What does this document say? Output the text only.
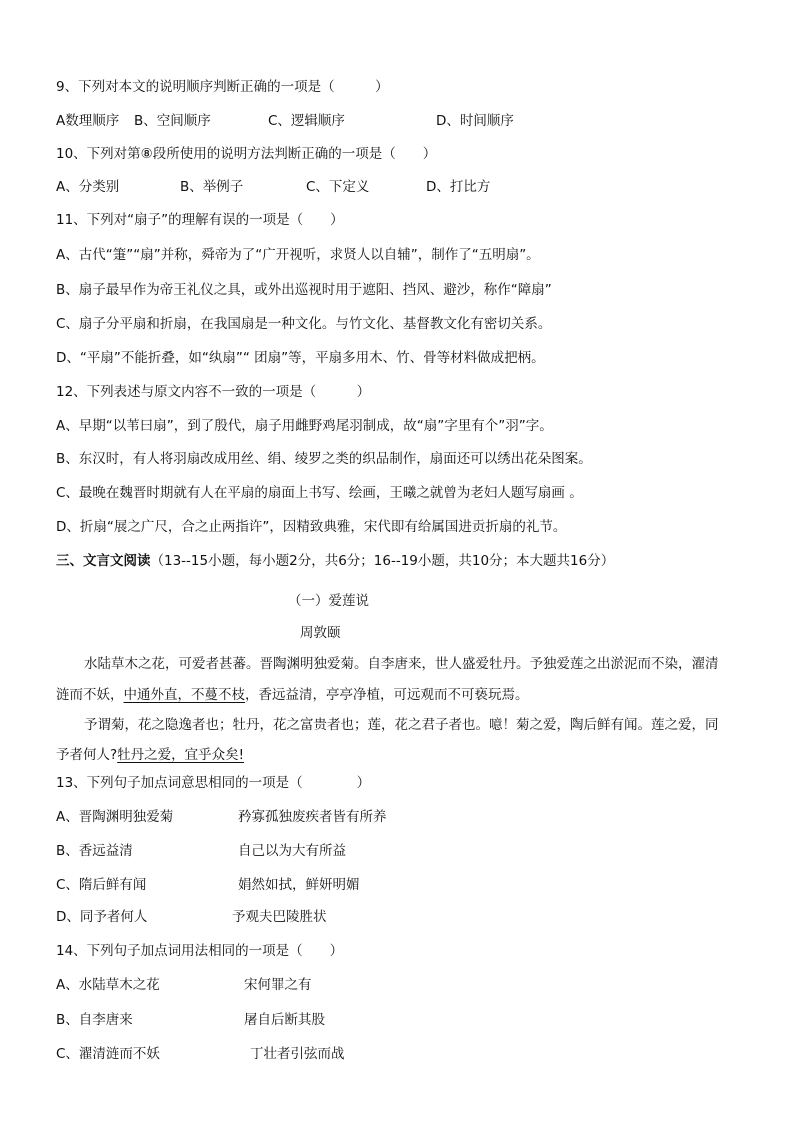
9、下列对本文的说明顺序判断正确的一项是（　　　）
A数理顺序 B、空间顺序	C、逻辑顺序	D、时间顺序
10、下列对第⑧段所使用的说明方法判断正确的一项是（　　）
A、分类别	B、举例子	C、下定义	D、打比方
11、下列对“扇子”的理解有误的一项是（　　）
A、古代“箑”“扇”并称，舜帝为了“广开视听，求贤人以自辅”，制作了“五明扇”。
B、扇子最早作为帝王礼仪之具，或外出巡视时用于遮阳、挡风、避沙，称作“障扇”
C、扇子分平扇和折扇，在我国扇是一种文化。与竹文化、基督教文化有密切关系。
D、“平扇”不能折叠，如“纨扇”“ 团扇”等，平扇多用木、竹、骨等材料做成把柄。
12、下列表述与原文内容不一致的一项是（　　　）
A、早期“以苇曰扇”，到了殷代，扇子用雌野鸡尾羽制成，故“扇”字里有个”羽”字。
B、东汉时，有人将羽扇改成用丝、绢、绫罗之类的织品制作，扇面还可以绣出花朵图案。
C、最晚在魏晋时期就有人在平扇的扇面上书写、绘画，王曦之就曾为老妇人题写扇画 。
D、折扇“展之广尺，合之止两指许”，因精致典雅，宋代即有给属国进贡折扇的礼节。
三、文言文阅读（13--15小题，每小题2分，共6分；16--19小题，共10分；本大题共16分）
（一）爱莲说
周敦颐
水陆草木之花，可爱者甚蕃。晋陶渊明独爱菊。自李唐来，世人盛爱牡丹。予独爱莲之出淤泥而不染，濯清
涟而不妖，中通外直，不蔓不枝，香远益清，亭亭净植，可远观而不可亵玩焉。
予谓菊，花之隐逸者也；牡丹，花之富贵者也；莲，花之君子者也。噫！菊之爱，陶后鲜有闻。莲之爱，同
予者何人?牡丹之爱，宜乎众矣!
13、下列句子加点词意思相同的一项是（　　　　）
A、晋陶渊明独爱菊	矜寡孤独废疾者皆有所养
B、香远益清	自己以为大有所益
C、隋后鲜有闻	娟然如拭，鲜妍明媚
D、同予者何人	予观夫巴陵胜状
14、下列句子加点词用法相同的一项是（　　）
A、水陆草木之花	宋何罪之有
B、自李唐来	屠自后断其股
C、濯清涟而不妖	丁壮者引弦而战
